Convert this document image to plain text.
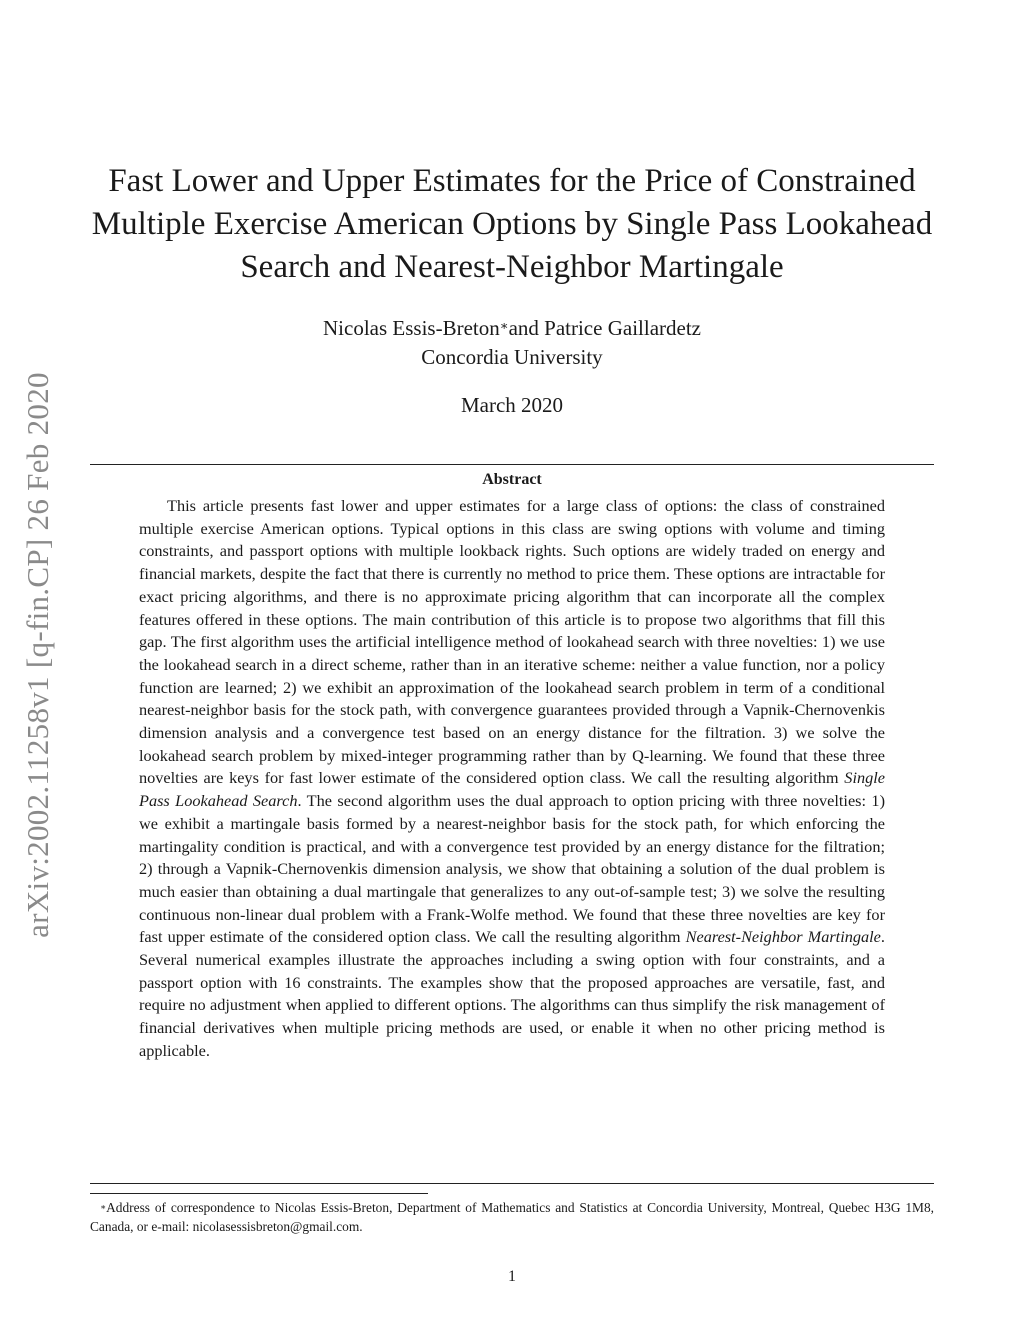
arXiv:2002.11258v1 [q-fin.CP] 26 Feb 2020
Fast Lower and Upper Estimates for the Price of Constrained Multiple Exercise American Options by Single Pass Lookahead Search and Nearest-Neighbor Martingale
Nicolas Essis-Breton∗and Patrice Gaillardetz
Concordia University
March 2020
Abstract

This article presents fast lower and upper estimates for a large class of options: the class of constrained multiple exercise American options. Typical options in this class are swing options with volume and timing constraints, and passport options with multiple lookback rights. Such options are widely traded on energy and financial markets, despite the fact that there is currently no method to price them. These options are intractable for exact pricing algorithms, and there is no approximate pricing algorithm that can incorporate all the complex features offered in these options. The main contribution of this article is to propose two algorithms that fill this gap. The first algorithm uses the artificial intelligence method of lookahead search with three novelties: 1) we use the lookahead search in a direct scheme, rather than in an iterative scheme: neither a value function, nor a policy function are learned; 2) we exhibit an approximation of the lookahead search problem in term of a conditional nearest-neighbor basis for the stock path, with convergence guarantees provided through a Vapnik-Chernovenkis dimension analysis and a convergence test based on an energy distance for the filtration. 3) we solve the lookahead search problem by mixed-integer programming rather than by Q-learning. We found that these three novelties are keys for fast lower estimate of the considered option class. We call the resulting algorithm Single Pass Lookahead Search. The second algorithm uses the dual approach to option pricing with three novelties: 1) we exhibit a martingale basis formed by a nearest-neighbor basis for the stock path, for which enforcing the martingality condition is practical, and with a convergence test provided by an energy distance for the filtration; 2) through a Vapnik-Chernovenkis dimension analysis, we show that obtaining a solution of the dual problem is much easier than obtaining a dual martingale that generalizes to any out-of-sample test; 3) we solve the resulting continuous non-linear dual problem with a Frank-Wolfe method. We found that these three novelties are key for fast upper estimate of the considered option class. We call the resulting algorithm Nearest-Neighbor Martingale. Several numerical examples illustrate the approaches including a swing option with four constraints, and a passport option with 16 constraints. The examples show that the proposed approaches are versatile, fast, and require no adjustment when applied to different options. The algorithms can thus simplify the risk management of financial derivatives when multiple pricing methods are used, or enable it when no other pricing method is applicable.

∗Address of correspondence to Nicolas Essis-Breton, Department of Mathematics and Statistics at Concordia University, Montreal, Quebec H3G 1M8, Canada, or e-mail: nicolasessisbreton@gmail.com.

1
